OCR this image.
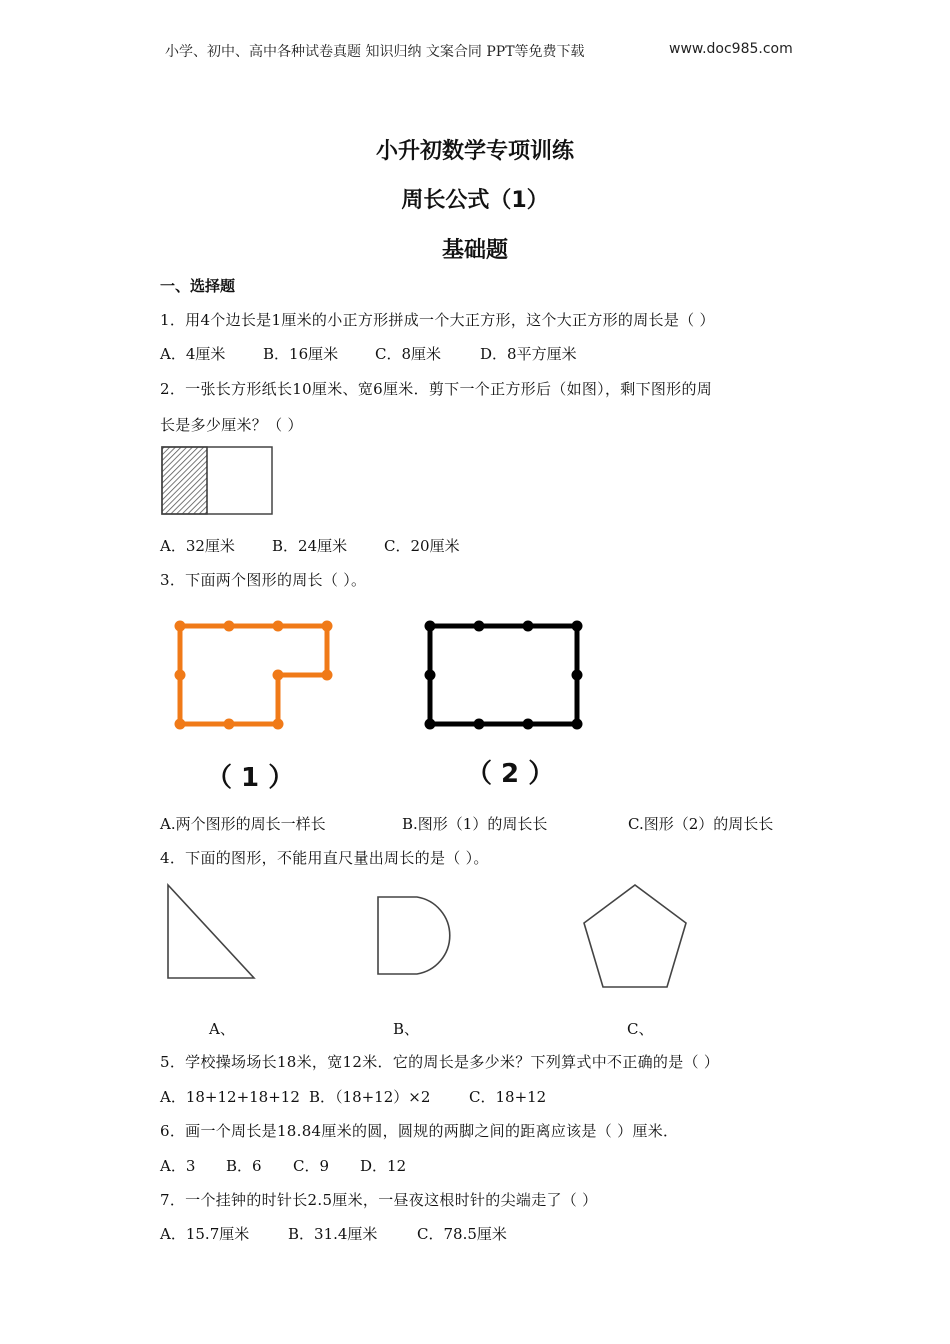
小学、初中、高中各种试卷真题 知识归纳 文案合同 PPT等免费下载	www.doc985.com
小升初数学专项训练
周长公式（1）
基础题
一、选择题
1．用4个边长是1厘米的小正方形拼成一个大正方形，这个大正方形的周长是（ ）
A．4厘米	B．16厘米 C．8厘米	D．8平方厘米
2．一张长方形纸长10厘米、宽6厘米．剪下一个正方形后（如图），剩下图形的周
长是多少厘米？（ ）
A．32厘米 B．24厘米 C．20厘米
3．下面两个图形的周长（ ）。
（ 1 ）	（ 2 ）
A.两个图形的周长一样长	B.图形（1）的周长长	C.图形（2）的周长长
4．下面的图形，不能用直尺量出周长的是（ ）。
A、	B、	C、
5．学校操场场长18米，宽12米．它的周长是多少米？下列算式中不正确的是（ ）
A．18+12+18+12 B．（18+12）×2	C．18+12
6．画一个周长是18.84厘米的圆，圆规的两脚之间的距离应该是（ ）厘米．
A．3 B．6 C．9 D．12
7．一个挂钟的时针长2.5厘米，一昼夜这根时针的尖端走了（ ）
A．15.7厘米	B．31.4厘米	C．78.5厘米
